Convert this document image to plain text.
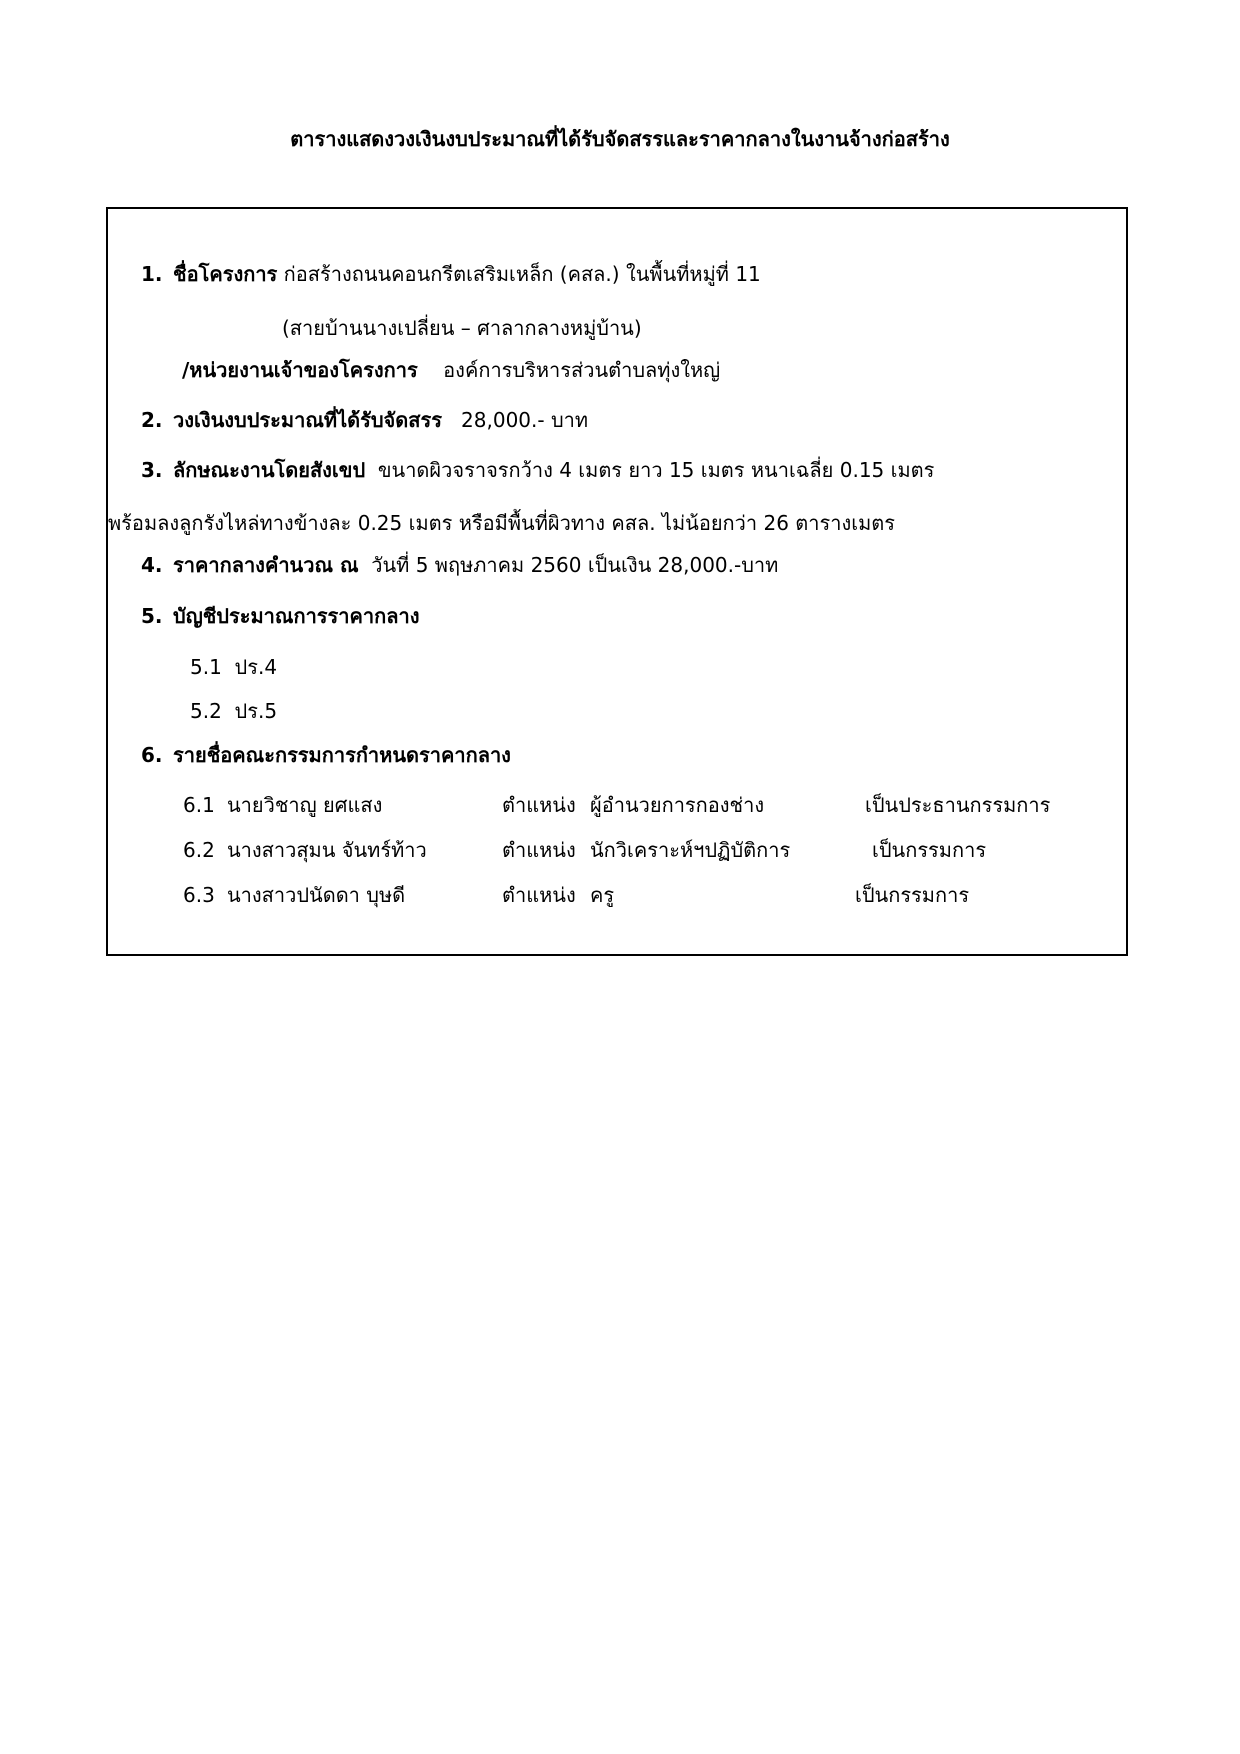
ตารางแสดงวงเงินงบประมาณที่ได้รับจัดสรรและราคากลางในงานจ้างก่อสร้าง
1. ชื่อโครงการ ก่อสร้างถนนคอนกรีตเสริมเหล็ก (คสล.) ในพื้นที่หมู่ที่ 11
(สายบ้านนางเปลี่ยน – ศาลากลางหมู่บ้าน)
/หน่วยงานเจ้าของโครงการ องค์การบริหารส่วนตำบลทุ่งใหญ่
2. วงเงินงบประมาณที่ได้รับจัดสรร 28,000.- บาท
3. ลักษณะงานโดยสังเขป ขนาดผิวจราจรกว้าง 4 เมตร ยาว 15 เมตร หนาเฉลี่ย 0.15 เมตร
พร้อมลงลูกรังไหล่ทางข้างละ 0.25 เมตร หรือมีพื้นที่ผิวทาง คสล. ไม่น้อยกว่า 26 ตารางเมตร
4. ราคากลางคำนวณ ณ วันที่ 5 พฤษภาคม 2560 เป็นเงิน 28,000.-บาท
5. บัญชีประมาณการราคากลาง
5.1 ปร.4
5.2 ปร.5
6. รายชื่อคณะกรรมการกำหนดราคากลาง
6.1 นายวิชาญู ยศแสง	ตำแหน่ง ผู้อำนวยการกองช่าง	เป็นประธานกรรมการ
6.2 นางสาวสุมน จันทร์ท้าว	ตำแหน่ง นักวิเคราะห์ฯปฏิบัติการ	เป็นกรรมการ
6.3 นางสาวปนัดดา บุษดี	ตำแหน่ง ครู	เป็นกรรมการ
